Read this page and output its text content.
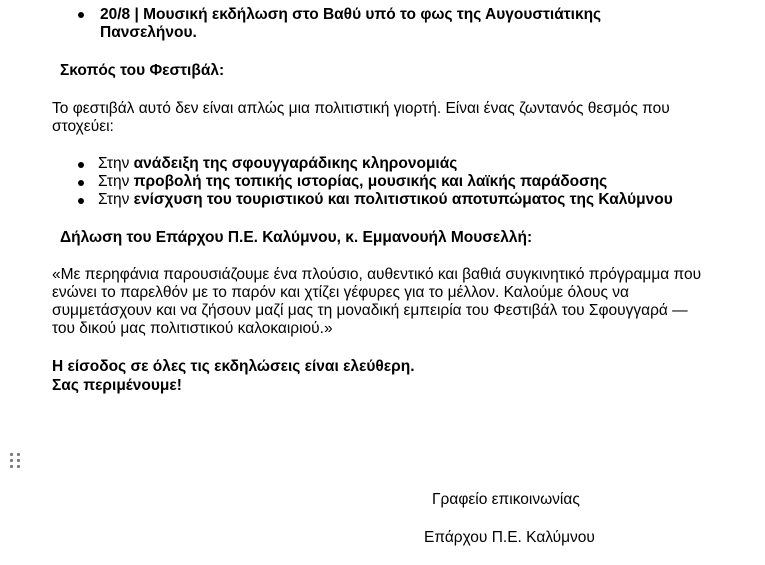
20/8 | Μουσική εκδήλωση στο Βαθύ υπό το φως της Αυγουστιάτικης
Πανσελήνου.
Σκοπός του Φεστιβάλ:
Το φεστιβάλ αυτό δεν είναι απλώς μια πολιτιστική γιορτή. Είναι ένας ζωντανός θεσμός που
στοχεύει:
Στην ανάδειξη της σφουγγαράδικης κληρονομιάς
Στην προβολή της τοπικής ιστορίας, μουσικής και λαϊκής παράδοσης
Στην ενίσχυση του τουριστικού και πολιτιστικού αποτυπώματος της Καλύμνου
Δήλωση του Επάρχου Π.Ε. Καλύμνου, κ. Εμμανουήλ Μουσελλή:
«Με περηφάνια παρουσιάζουμε ένα πλούσιο, αυθεντικό και βαθιά συγκινητικό πρόγραμμα που
ενώνει το παρελθόν με το παρόν και χτίζει γέφυρες για το μέλλον. Καλούμε όλους να
συμμετάσχουν και να ζήσουν μαζί μας τη μοναδική εμπειρία του Φεστιβάλ του Σφουγγαρά —
του δικού μας πολιτιστικού καλοκαιριού.»
Η είσοδος σε όλες τις εκδηλώσεις είναι ελεύθερη.
Σας περιμένουμε!
Γραφείο επικοινωνίας
Επάρχου Π.Ε. Καλύμνου
